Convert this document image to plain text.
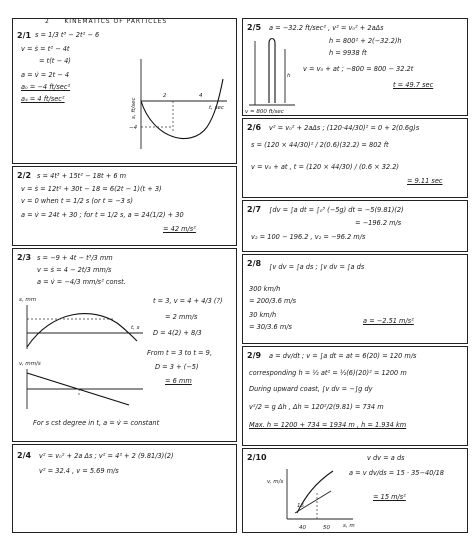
2 KINEMATICS OF PARTICLES
2/1 s = 1/3 t³ − 2t² − 6
v = ṡ = t² − 4t
= t(t − 4)
a = v̇ = 2t − 4
a₀ = −4 ft/sec²
a₄ = 4 ft/sec²	2	4
−4
t, sec
s, ft/sec
2/2 s = 4t³ + 15t² − 18t + 6 m
v = ṡ = 12t² + 30t − 18 = 6(2t − 1)(t + 3)
v = 0 when t = 1/2 s (or t = −3 s)
a = v̇ = 24t + 30 ; for t = 1/2 s, a = 24(1/2) + 30
= 42 m/s²
2/3 s = −9 + 4t − t³/3 mm
v = ṡ = 4 − 2t/3 mm/s
a = v̇ = −4/3 mm/s² const.
t = 3, v = 4 + 4/3 (?)
= 2 mm/s
D = 4(2) + 8/3
From t = 3 to t = 9,
D = 3 + (−5)
= 6 mm
For s cst degree in t, a = v̇ = constant
s, mm
t, s
v, mm/s
2/4 v² = v₀² + 2a Δs ; v² = 4² + 2 (9.81/3)(2)
v² = 32.4 , v = 5.69 m/s
2/5 a = −32.2 ft/sec² , v² = v₀² + 2aΔs
h = 800² + 2(−32.2)h
h = 9938 ft
v = v₀ + at ; −800 = 800 − 32.2t
t = 49.7 sec
h
v = 800 ft/sec
2/6 v² = v₀² + 2aΔs ; (120·44/30)² = 0 + 2(0.6g)s
s = (120 × 44/30)² / 2(0.6)(32.2) = 802 ft
v = v₀ + at , t = (120 × 44/30) / (0.6 × 32.2)
= 9.11 sec
2/7 ∫dv = ∫a dt = ∫₀³ (−5g) dt = −5(9.81)(2)
= −196.2 m/s
v₂ = 100 − 196.2 , v₂ = −96.2 m/s
2/8 ∫v dv = ∫a ds ; ∫v dv = ∫a ds
300 km/h
= 200/3.6 m/s
30 km/h
= 30/3.6 m/s
a = −2.51 m/s²
2/9 a = dv/dt ; v = ∫a dt = at = 6(20) = 120 m/s
corresponding h = ½ at² = ½(6)(20)² = 1200 m
During upward coast, ∫v dv = −∫g dy
v²/2 = g Δh , Δh = 120²/2(9.81) = 734 m
Max. h = 1200 + 734 = 1934 m , h = 1.934 km
2/10	v dv = a ds
a = v dv/ds = 15 · 35−40/18
= 15 m/s²
v, m/s
s, m
40	50
15
